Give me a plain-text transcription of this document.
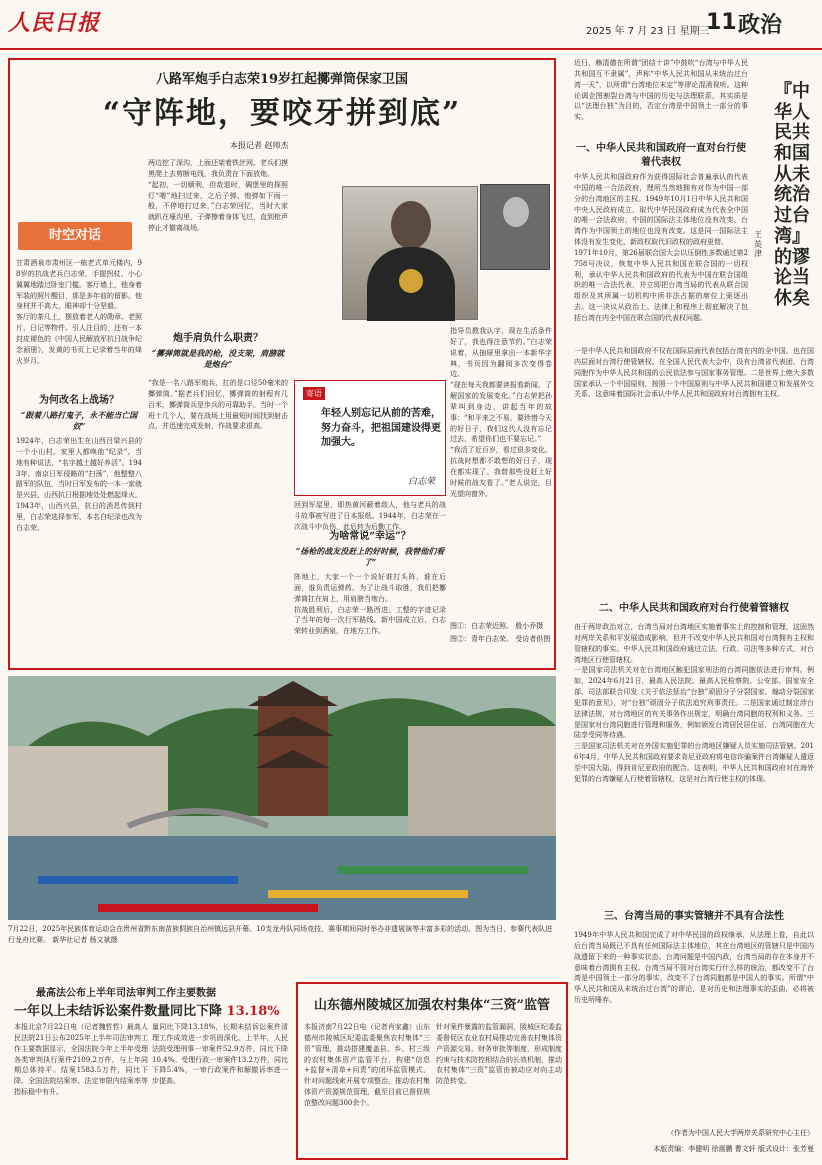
人民日报	2025 年 7 月 23 日 星期三
11 政治
八路军炮手白志荣19岁扛起擲弹筒保家卫国
“守阵地，要咬牙拼到底”
本报记者 赵帅杰
时空对话

甘肃酒泉市肃州区一栋老式单元楼内，98岁的抗战老兵白志荣，手握拐杖，小心翼翼地踏过卧室门槛。客厅墙上，他身着军装的照片醒目，那是多年前的留影。他身材并不高大，眼神却十分坚毅。

客厅的茶几上，摆放着老人的勋章。老照片，日记等物件。引人注目的，还有一本封皮褪色的《中国人民解放军抗日战争纪念画册》，发黄的书页上记录着当年的烽火岁月。

为何改名上战场？
“跟着八路打鬼子，永不能当亡国奴”
1924年，白志荣出生在山西吕梁兴县的一个小山村。家里人都唤他“纪录”。当地有种说法，“名字越土越好养活”。1943年，南京日军侵略的“扫荡”，他整整八路军的队伍，当时日军发布的一本一家就是兴县，山西抗日根据地处处燃起烽火。1943年，山西兴县，抗日的消息传到村里，白志荣选择参军，本名白纪录也改为白志荣。

两边挖了深沟，上面还架着铁丝网。老兵们摸黑爬上去剪断电线，我负责在下面放炮。

“起初，一切顺利，但敌退时，碉堡里的探照灯“噌”地扫过来，之后子弹、炮弹如下雨一般，不停地打过来，”白志荣回忆，当时大家就趴在壕沟里，子弹擦着身体飞过，直到枪声停止才撤离战场。

炮手肩负什么职责？
“擲弹筒就是我的枪，没支架，肩膀就是炮台”
“我是一名八路军炮兵，扛的是口径50毫米的擲弹筒。”据老兵们回忆，擲弹筒的射程有几百米，擲弹筒兵是步兵的可靠助手。当时一个班十几个人，要在战场上用最短时间找到射击点，并迅速完成发射，作战要求很高。
寄语
年轻人别忘记从前的苦难，努力奋斗，把祖国建设得更加强大。
白志荣
回到军屋里，即热黄河蔽着敌人，他与老兵的战斗故事被写进了日本报纸。1944年，白志荣在一次战斗中负伤，此后转为后勤工作。
为啥常说“幸运”？
“扬枪的战友没赶上的好时候，我替他们看了”

阵地上，大家一个一个说好谁打头阵，谁在后面，谁负责运弹药。为了让战斗取胜，我们把擲弹筒扛在肩上，用肩膀当炮台。

抗战胜利后，白志荣一路西进。工整的字迹记录了当年的每一次行军路线。新中国成立后，白志荣转业到酒泉，在地方工作。

指导员教我认字，现在生活条件好了，我也得注意节约。”白志荣说着，从抽屉里拿出一本新华字典，书页因为翻阅多次变得卷边。

“现在每天我都要读报看新闻，了解国家的发展变化。”白志荣把孙辈叫到身边，讲起当年的故事：“和平来之不易，要珍惜今天的好日子，我们这代人没有忘记过去，希望你们也不要忘记。”

“我活了近百岁，看过很多变化。抗战时想都不敢想的好日子，现在都实现了。我替那些没赶上好时候的战友看了。”老人说完，目光望向窗外。

图①：白志荣近照。 殷小乔摄
图②：青年白志荣。 受访者供图
7月22日，2025年民族体育运动会在贵州省黔东南苗族侗族自治州镇远县开幕。10支龙舟队同场竞技，赛事期间同时举办非遗展演等丰富多彩的活动。图为当日，参赛代表队进行龙舟比赛。 新华社记者 杨文斌摄
最高法公布上半年司法审判工作主要数据
一年以上未结诉讼案件数量同比下降 13.18%
本报北京7月22日电（记者魏哲哲）最高人民法院21日公布2025年上半年司法审判工作主要数据显示，全国法院今年上半年受理各类审判执行案件2109.2万件，与上年同期总体持平。结案1583.5万件，同比下降。全国法院结案率、法定审限内结案率等指标稳中有升。
量同比下降13.18%，长期未结诉讼案件清理工作成效进一步巩固深化。上半年，人民法院受理刑事一审案件52.9万件，同比下降10.4%。受理行政一审案件13.2万件，同比下降5.4%，一审行政案件和解撤诉率进一步提高。
山东德州陵城区加强农村集体“三资”监管
本报济南7月22日电（记者肖家鑫）山东德州市陵城区纪委监委聚焦农村集体“三资”管理，推动搭建覆盖县、乡、村三级的农村集体资产监管平台，构建“信息+监督+清单+问责”的闭环监管模式，针对问题线索开展专项整治，推动农村集体资产资源规范管理，截至目前已督促规范整改问题300余个。
针对案件暴露的监管漏洞，陵城区纪委监委督促区农业农村局推动完善农村集体资产资源交易、财务审批等制度，形成制度约束与技术防控相结合的长效机制，推动农村集体“三资”监管由被动应对向主动防范转变。
近日，赖清德在所谓“团结十讲”中鼓吹“台湾与中华人民共和国互不隶属”，声称“中华人民共和国从未统治过台湾一天”，以所谓“台湾地位未定”等谬论混淆视听。这种论调企图割裂台湾与中国的历史与法理联系，其实质是以“法理台独”为目的，否定台湾是中国领土一部分的事实。
『中华人民共和国从未统治过台湾』的谬论当休矣
王英津
一、中华人民共和国政府一直对台行使着代表权

中华人民共和国政府作为获得国际社会普遍承认的代表中国的唯一合法政府，理所当然地拥有对作为中国一部分的台湾地区的主权。1949年10月1日中华人民共和国中央人民政府成立，取代中华民国政府成为代表全中国的唯一合法政府，中国的国际法主体地位没有改变，台湾作为中国领土的地位也没有改变。这是同一国际法主体没有发生变化，新政权取代旧政权的政府更替。

1971年10月，第26届联合国大会以压倒性多数通过第2758号决议，恢复中华人民共和国在联合国的一切权利，承认中华人民共和国政府的代表为中国在联合国组织的唯一合法代表，并立即把台湾当局的代表从联合国组织及其所属一切机构中所非法占据的席位上驱逐出去。这一决议从政治上、法律上和程序上彻底解决了包括台湾在内全中国在联合国的代表权问题。

一是中华人民共和国政府不仅在国际层面代表包括台湾在内的全中国，也在国内层面对台湾行使管辖权。在全国人民代表大会中，设有台湾省代表团，台湾同胞作为中华人民共和国的公民依法参与国家事务管理。二是世界上绝大多数国家承认一个中国原则，按照一个中国原则与中华人民共和国建立和发展外交关系，这意味着国际社会承认中华人民共和国政府对台湾拥有主权。
二、中华人民共和国政府对台行使着管辖权

由于两岸政治对立，台湾当局对台湾地区实施着事实上的控制和管理，这固然对两岸关系和平发展造成影响，但并不改变中华人民共和国对台湾拥有主权和管辖权的事实。中华人民共和国政府通过立法、行政、司法等多种方式，对台湾地区行使管辖权。

一是国家司法机关对在台湾地区触犯国家刑法的台湾同胞依法进行审判。例如，2024年6月21日，最高人民法院、最高人民检察院、公安部、国家安全部、司法部联合印发《关于依法惩治“台独”顽固分子分裂国家、煽动分裂国家犯罪的意见》，对“台独”顽固分子依法追究刑事责任。二是国家通过制定涉台法律法规，对台湾地区的有关事务作出规定，明确台湾同胞的权利和义务。三是国家对台湾同胞进行管理和服务，例如颁发台湾居民居住证，台湾同胞在大陆享受同等待遇。

三是国家司法机关对在外国实施犯罪的台湾地区嫌疑人员实施司法管辖。2016年4月，中华人民共和国政府要求肯尼亚政府将电信诈骗案件台湾嫌疑人遣返至中国大陆，得到肯尼亚政府的配合。这表明，中华人民共和国政府对在海外犯罪的台湾嫌疑人行使着管辖权，这是对台湾行使主权的体现。

三、台湾当局的事实管辖并不具有合法性
1949年中华人民共和国完成了对中华民国的政权继承，从法理上看，自此以后台湾当局既已不具有任何国际法主体地位，其在台湾地区的管辖只是中国内战遗留下来的一种事实状态。台湾问题是中国内政，台湾当局的存在本身并不意味着台湾拥有主权。台湾当局不管对台湾实行什么样的统治，都改变不了台湾是中国领土一部分的事实，改变不了台湾同胞都是中国人的事实。所谓“中华人民共和国从未统治过台湾”的谬论，是对历史和法理事实的歪曲，必将被历史所唾弃。
（作者为中国人民大学两岸关系研究中心主任）
本版责编：李健明 徐震鹏 曹文轩 版式设计：张芳曼
